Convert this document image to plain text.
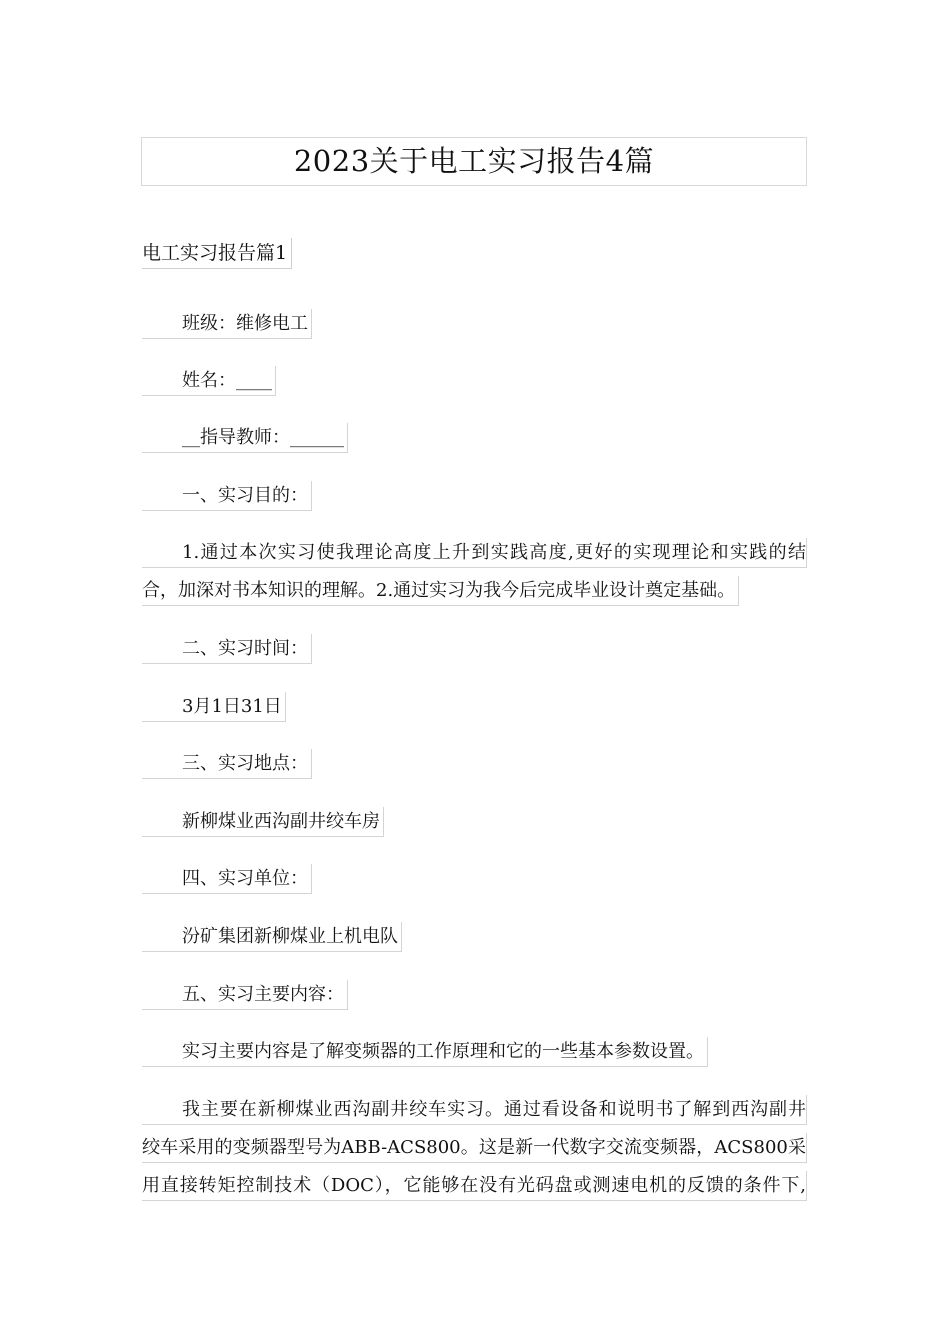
2023关于电工实习报告4篇
电工实习报告篇1
班级：维修电工
姓名：____
__指导教师：______
一、实习目的：
1.通过本次实习使我理论高度上升到实践高度,更好的实现理论和实践的结
合，加深对书本知识的理解。2.通过实习为我今后完成毕业设计奠定基础。
二、实习时间：
3月1日31日
三、实习地点：
新柳煤业西沟副井绞车房
四、实习单位：
汾矿集团新柳煤业上机电队
五、实习主要内容：
实习主要内容是了解变频器的工作原理和它的一些基本参数设置。
我主要在新柳煤业西沟副井绞车实习。通过看设备和说明书了解到西沟副井
绞车采用的变频器型号为ABB-ACS800。这是新一代数字交流变频器，ACS800采
用直接转矩控制技术（DOC），它能够在没有光码盘或测速电机的反馈的条件下,
